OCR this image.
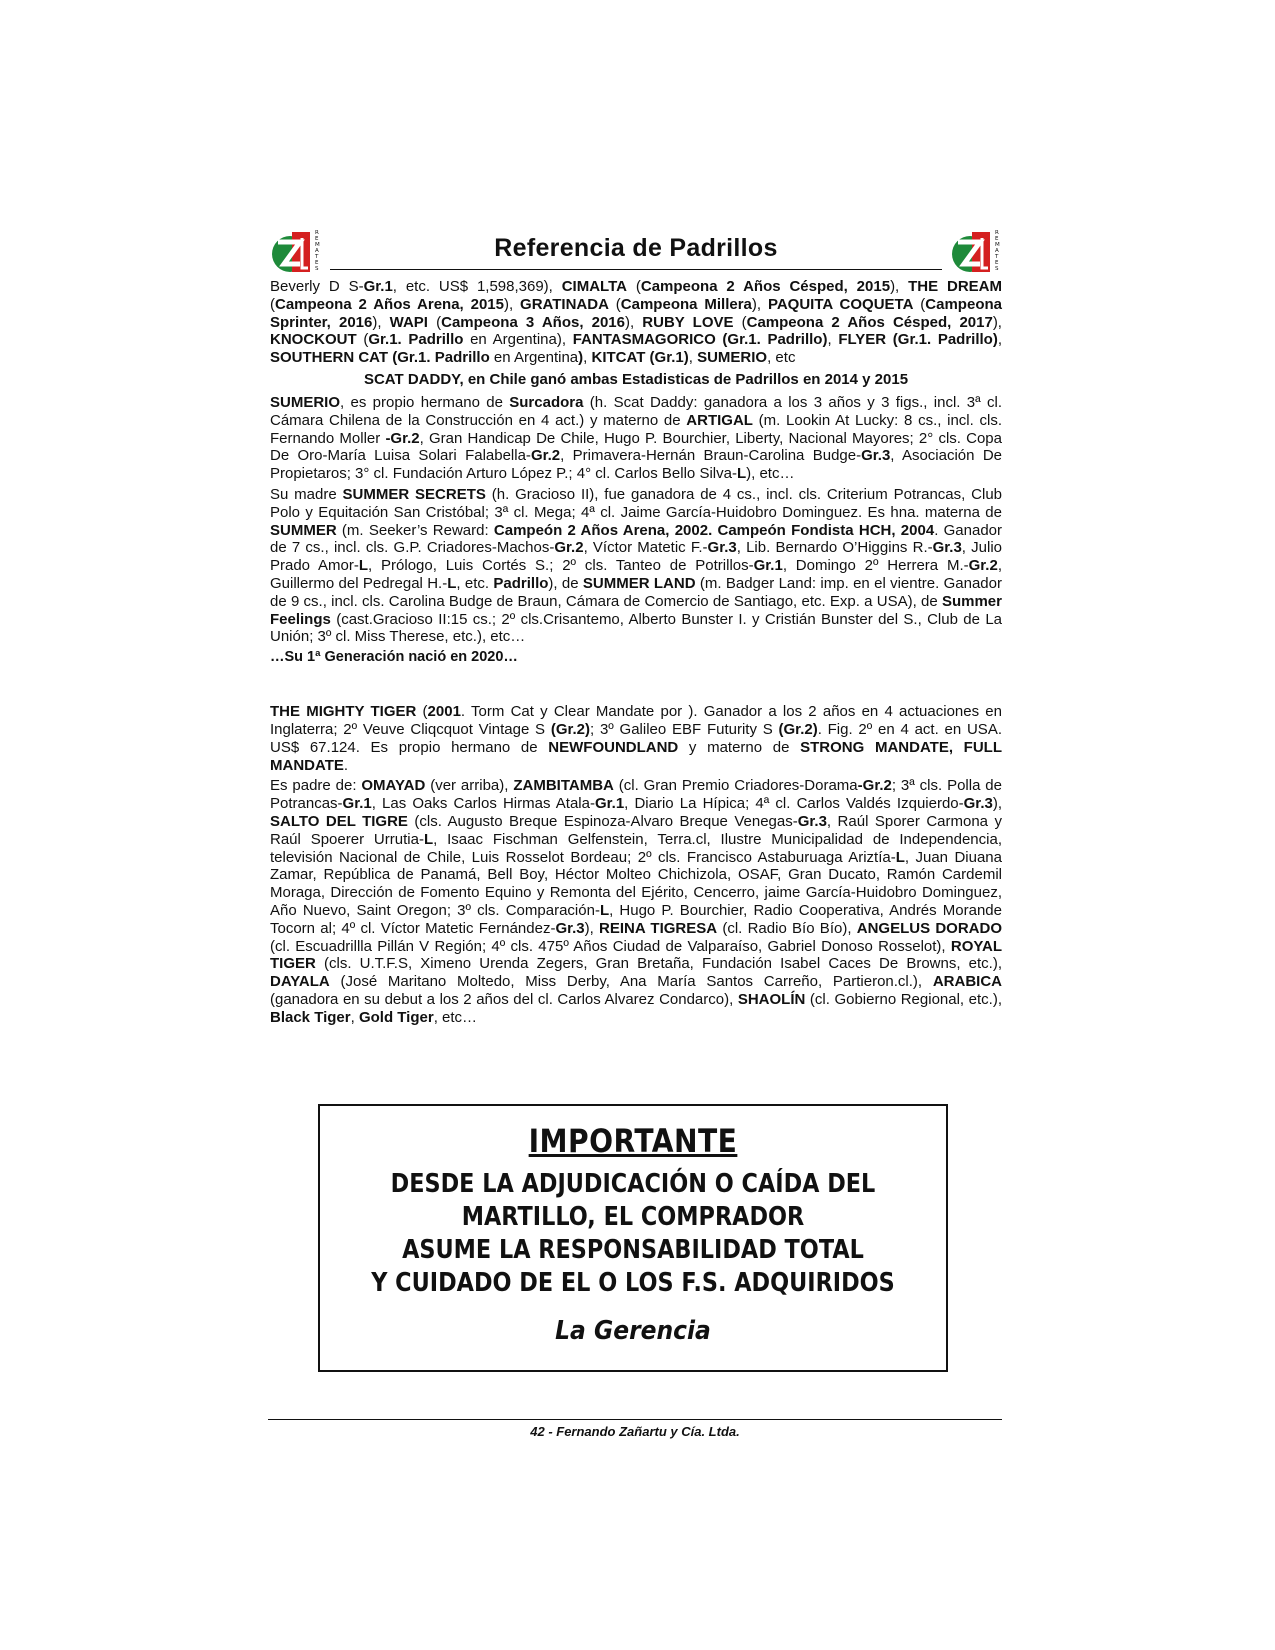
R E M A T E S
Referencia de Padrillos
R E M A T E S

Beverly D S-Gr.1, etc. US$ 1,598,369), CIMALTA (Campeona 2 Años Césped, 2015), THE DREAM (Campeona 2 Años Arena, 2015), GRATINADA (Campeona Millera), PAQUITA COQUETA (Campeona Sprinter, 2016), WAPI (Campeona 3 Años, 2016), RUBY LOVE (Campeona 2 Años Césped, 2017), KNOCKOUT (Gr.1. Padrillo en Argentina), FANTASMAGORICO (Gr.1. Padrillo), FLYER (Gr.1. Padrillo), SOUTHERN CAT (Gr.1. Padrillo en Argentina), KITCAT (Gr.1), SUMERIO, etc

SCAT DADDY, en Chile ganó ambas Estadisticas de Padrillos en 2014 y 2015

SUMERIO, es propio hermano de Surcadora (h. Scat Daddy: ganadora a los 3 años y 3 figs., incl. 3ª cl. Cámara Chilena de la Construcción en 4 act.) y materno de ARTIGAL (m. Lookin At Lucky: 8 cs., incl. cls. Fernando Moller -Gr.2, Gran Handicap De Chile, Hugo P. Bourchier, Liberty, Nacional Mayores; 2° cls. Copa De Oro-María Luisa Solari Falabella-Gr.2, Primavera-Hernán Braun-Carolina Budge-Gr.3, Asociación De Propietaros; 3° cl. Fundación Arturo López P.; 4° cl. Carlos Bello Silva-L), etc…

Su madre SUMMER SECRETS (h. Gracioso II), fue ganadora de 4 cs., incl. cls. Criterium Potrancas, Club Polo y Equitación San Cristóbal; 3ª cl. Mega; 4ª cl. Jaime García-Huidobro Dominguez. Es hna. materna de SUMMER (m. Seeker’s Reward: Campeón 2 Años Arena, 2002. Campeón Fondista HCH, 2004. Ganador de 7 cs., incl. cls. G.P. Criadores-Machos-Gr.2, Víctor Matetic F.-Gr.3, Lib. Bernardo O’Higgins R.-Gr.3, Julio Prado Amor-L, Prólogo, Luis Cortés S.; 2º cls. Tanteo de Potrillos-Gr.1, Domingo 2º Herrera M.-Gr.2, Guillermo del Pedregal H.-L, etc. Padrillo), de SUMMER LAND (m. Badger Land: imp. en el vientre. Ganador de 9 cs., incl. cls. Carolina Budge de Braun, Cámara de Comercio de Santiago, etc. Exp. a USA), de Summer Feelings (cast.Gracioso II:15 cs.; 2º cls.Crisantemo, Alberto Bunster I. y Cristián Bunster del S., Club de La Unión; 3º cl. Miss Therese, etc.), etc…

…Su 1ª Generación nació en 2020…

THE MIGHTY TIGER (2001. Torm Cat y Clear Mandate por ). Ganador a los 2 años en 4 actuaciones en Inglaterra; 2º Veuve Cliqcquot Vintage S (Gr.2); 3º Galileo EBF Futurity S (Gr.2). Fig. 2º en 4 act. en USA. US$ 67.124. Es propio hermano de NEWFOUNDLAND y materno de STRONG MANDATE, FULL MANDATE.

Es padre de: OMAYAD (ver arriba), ZAMBITAMBA (cl. Gran Premio Criadores-Dorama-Gr.2; 3ª cls. Polla de Potrancas-Gr.1, Las Oaks Carlos Hirmas Atala-Gr.1, Diario La Hípica; 4ª cl. Carlos Valdés Izquierdo-Gr.3), SALTO DEL TIGRE (cls. Augusto Breque Espinoza-Alvaro Breque Venegas-Gr.3, Raúl Sporer Carmona y Raúl Spoerer Urrutia-L, Isaac Fischman Gelfenstein, Terra.cl, Ilustre Municipalidad de Independencia, televisión Nacional de Chile, Luis Rosselot Bordeau; 2º cls. Francisco Astaburuaga Ariztía-L, Juan Diuana Zamar, República de Panamá, Bell Boy, Héctor Molteo Chichizola, OSAF, Gran Ducato, Ramón Cardemil Moraga, Dirección de Fomento Equino y Remonta del Ejérito, Cencerro, jaime García-Huidobro Dominguez, Año Nuevo, Saint Oregon; 3º cls. Comparación-L, Hugo P. Bourchier, Radio Cooperativa, Andrés Morande Tocorn al; 4º cl. Víctor Matetic Fernández-Gr.3), REINA TIGRESA (cl. Radio Bío Bío), ANGELUS DORADO (cl. Escuadrillla Pillán V Región; 4º cls. 475º Años Ciudad de Valparaíso, Gabriel Donoso Rosselot), ROYAL TIGER (cls. U.T.F.S, Ximeno Urenda Zegers, Gran Bretaña, Fundación Isabel Caces De Browns, etc.), DAYALA (José Maritano Moltedo, Miss Derby, Ana María Santos Carreño, Partieron.cl.), ARABICA (ganadora en su debut a los 2 años del cl. Carlos Alvarez Condarco), SHAOLÍN (cl. Gobierno Regional, etc.), Black Tiger, Gold Tiger, etc…

IMPORTANTE
DESDE LA ADJUDICACIÓN O CAÍDA DEL
MARTILLO, EL COMPRADOR
ASUME LA RESPONSABILIDAD TOTAL
Y CUIDADO DE EL O LOS F.S. ADQUIRIDOS
La Gerencia
42 - Fernando Zañartu y Cía. Ltda.
